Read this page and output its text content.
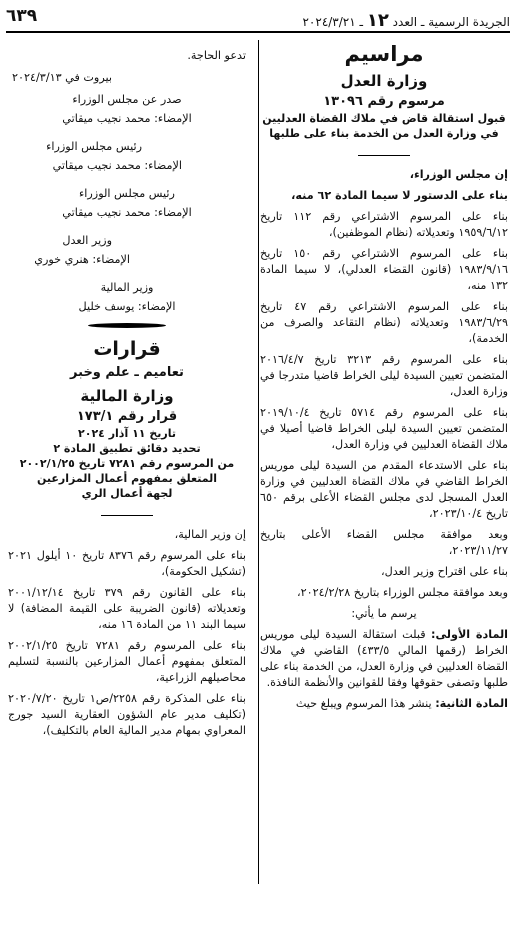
٦٣٩	الجريدة الرسمية ـ العدد ١٢ ـ ٢٠٢٤/٣/٢١
مراسيم
وزارة العدل
مرسوم رقم ١٣٠٩٦
قبول استقالة قاض في ملاك القضاة العدليين في وزارة العدل من الخدمة بناء على طلبها

إن مجلس الوزراء،

بناء على الدستور لا سيما المادة ٦٢ منه،

بناء على المرسوم الاشتراعي رقم ١١٢ تاريخ ١٩٥٩/٦/١٢ وتعديلاته (نظام الموظفين)،

بناء على المرسوم الاشتراعي رقم ١٥٠ تاريخ ١٩٨٣/٩/١٦ (قانون القضاء العدلي)، لا سيما المادة ١٣٢ منه،

بناء على المرسوم الاشتراعي رقم ٤٧ تاريخ ١٩٨٣/٦/٢٩ وتعديلاته (نظام التقاعد والصرف من الخدمة)،

بناء على المرسوم رقم ٣٢١٣ تاريخ ٢٠١٦/٤/٧ المتضمن تعيين السيدة ليلى الخراط قاضيا متدرجا في وزارة العدل،

بناء على المرسوم رقم ٥٧١٤ تاريخ ٢٠١٩/١٠/٤ المتضمن تعيين السيدة ليلى الخراط قاضيا أصيلا في ملاك القضاة العدليين في وزارة العدل،

بناء على الاستدعاء المقدم من السيدة ليلى موريس الخراط القاضي في ملاك القضاة العدليين في وزارة العدل المسجل لدى مجلس القضاء الأعلى برقم ٦٥٠ تاريخ ٢٠٢٣/١٠/٤،

وبعد موافقة مجلس القضاء الأعلى بتاريخ ٢٠٢٣/١١/٢٧،

بناء على اقتراح وزير العدل،

وبعد موافقة مجلس الوزراء بتاريخ ٢٠٢٤/٢/٢٨،

يرسم ما يأتي:

المادة الأولى: قبلت استقالة السيدة ليلى موريس الخراط (رقمها المالي ٤٣٣/٥) القاضي في ملاك القضاة العدليين في وزارة العدل، من الخدمة بناء على طلبها وتصفى حقوقها وفقا للقوانين والأنظمة النافذة.

المادة الثانية: ينشر هذا المرسوم ويبلغ حيث

تدعو الحاجة.
بيروت في ٢٠٢٤/٣/١٣
صدر عن مجلس الوزراء
الإمضاء: محمد نجيب ميقاتي
رئيس مجلس الوزراء
الإمضاء: محمد نجيب ميقاتي
رئيس مجلس الوزراء
الإمضاء: محمد نجيب ميقاتي
وزير العدل
الإمضاء: هنري خوري
وزير المالية
الإمضاء: يوسف خليل
قرارات
تعاميم ـ علم وخبر
وزارة المالية
قرار رقم ١٧٣/١
تاريخ ١١ آذار ٢٠٢٤
تحديد دقائق تطبيق المادة ٢
من المرسوم رقم ٧٢٨١ تاريخ ٢٠٠٢/١/٢٥
المتعلق بمفهوم أعمال المزارعين
لجهة أعمال الري

إن وزير المالية،

بناء على المرسوم رقم ٨٣٧٦ تاريخ ١٠ أيلول ٢٠٢١ (تشكيل الحكومة)،

بناء على القانون رقم ٣٧٩ تاريخ ٢٠٠١/١٢/١٤ وتعديلاته (قانون الضريبة على القيمة المضافة) لا سيما البند ١١ من المادة ١٦ منه،

بناء على المرسوم رقم ٧٢٨١ تاريخ ٢٠٠٢/١/٢٥ المتعلق بمفهوم أعمال المزارعين بالنسبة لتسليم محاصيلهم الزراعية،

بناء على المذكرة رقم ٢٢٥٨/ص١ تاريخ ٢٠٢٠/٧/٢٠ (تكليف مدير عام الشؤون العقارية السيد جورج المعراوي بمهام مدير المالية العام بالتكليف)،
